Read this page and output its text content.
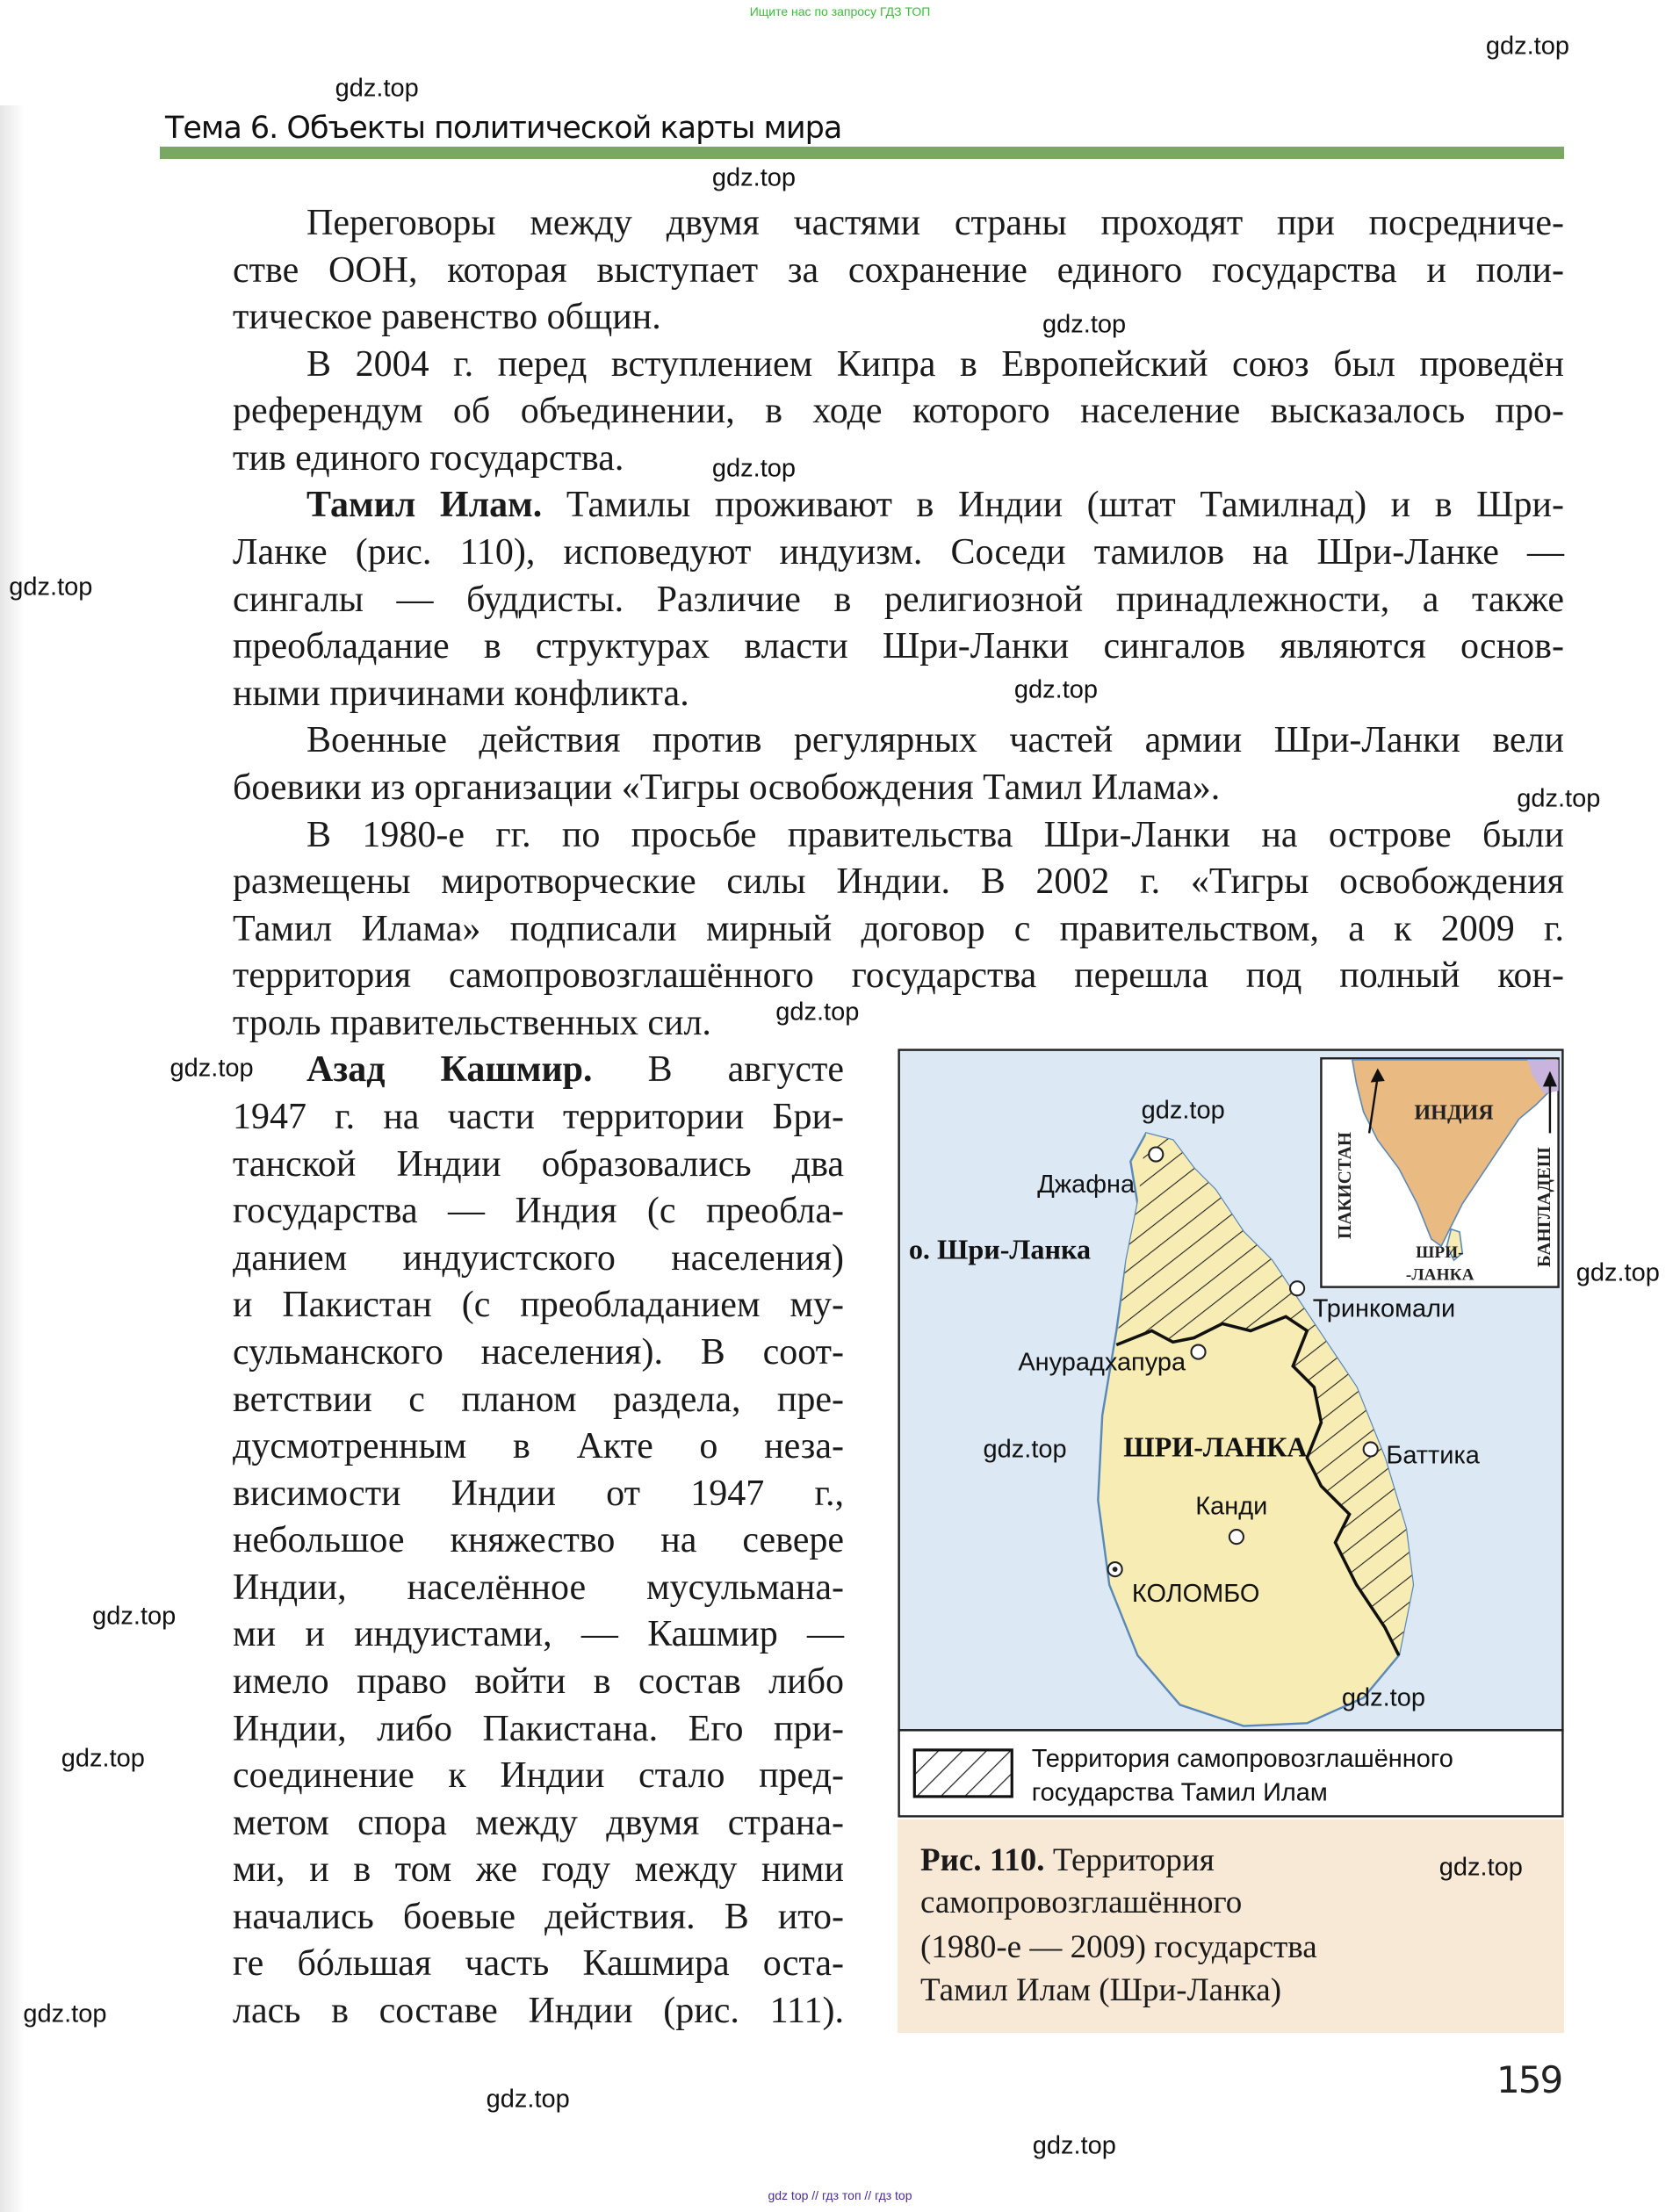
Ищите нас по запросу ГДЗ ТОП
Тема 6. Объекты политической карты мира
Переговоры между двумя частями страны проходят при посредниче-
стве ООН, которая выступает за сохранение единого государства и поли-
тическое равенство общин.
В 2004 г. перед вступлением Кипра в Европейский союз был проведён
референдум об объединении, в ходе которого население высказалось про-
тив единого государства.
Тамил Илам. Тамилы проживают в Индии (штат Тамилнад) и в Шри-
Ланке (рис. 110), исповедуют индуизм. Соседи тамилов на Шри-Ланке —
сингалы — буддисты. Различие в религиозной принадлежности, а также
преобладание в структурах власти Шри-Ланки сингалов являются основ-
ными причинами конфликта.
Военные действия против регулярных частей армии Шри-Ланки вели
боевики из организации «Тигры освобождения Тамил Илама».
В 1980-е гг. по просьбе правительства Шри-Ланки на острове были
размещены миротворческие силы Индии. В 2002 г. «Тигры освобождения
Тамил Илама» подписали мирный договор с правительством, а к 2009 г.
территория самопровозглашённого государства перешла под полный кон-
троль правительственных сил.
Азад Кашмир. В августе
1947 г. на части территории Бри-
танской Индии образовались два
государства — Индия (с преобла-
данием индуистского населения)
и Пакистан (с преобладанием му-
сульманского населения). В соот-
ветствии с планом раздела, пре-
дусмотренным в Акте о неза-
висимости Индии от 1947 г.,
небольшое княжество на севере
Индии, населённое мусульмана-
ми и индуистами, — Кашмир —
имело право войти в состав либо
Индии, либо Пакистана. Его при-
соединение к Индии стало пред-
метом спора между двумя страна-
ми, и в том же году между ними
начались боевые действия. В ито-
ге бóльшая часть Кашмира оста-
лась в составе Индии (рис. 111).
ИНДИЯ
ПАКИСТАН	БАНГЛАДЕШ
ШРИ-
-ЛАНКА
о. Шри-Ланка
ШРИ-ЛАНКА
Джафна
Тринкомали
Анурадхапура
Баттика
Канди
КОЛОМБО
Территория самопровозглашённого
государства Тамил Илам
Рис. 110. Территория
самопровозглашённого
(1980-е — 2009) государства
Тамил Илам (Шри-Ланка)
159
gdz.top
gdz.top
gdz.top
gdz.top
gdz.top
gdz.top
gdz.top
gdz.top
gdz.top
gdz.top
gdz.top
gdz.top
gdz.top
gdz.top
gdz.top
gdz.top
gdz.top
gdz.top
gdz.top
gdz.top
gdz top // гдз топ // гдз top
